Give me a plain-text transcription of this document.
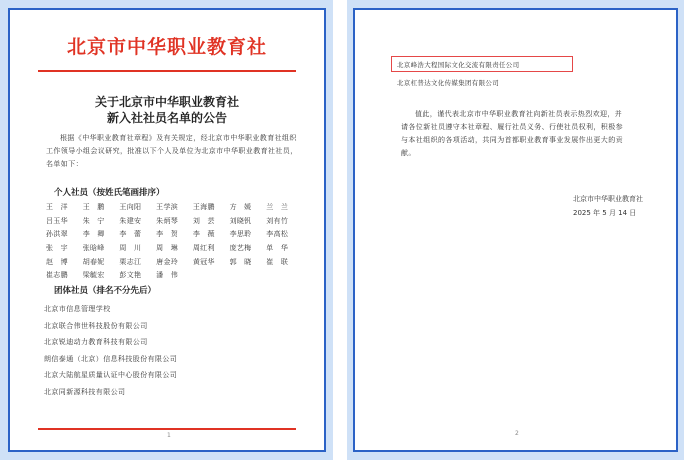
北京市中华职业教育社
关于北京市中华职业教育社
新入社社员名单的公告
根据《中华职业教育社章程》及有关规定，经北京市中华职业教育社组织工作领导小组会议研究，批准以下个人及单位为北京市中华职业教育社社员，名单如下：
个人社员（按姓氏笔画排序）
王　洋	王　鹏	王向阳	王学滨	王海鹏	方　媛	兰　兰
吕玉华	朱　宁	朱建安	朱炳琴	刘　芸	刘晓钒	刘有竹
孙洪翠	李　卿	李　蕾	李　贺	李　薇	李思聆	李高松
张　宇	张晗峰	周　川	周　琳	周红利	庞艺梅	单　华
赵　博	胡春妮	栗志江	唐金玲	黄冠华	郭　晓	崔　联
崔志鹏	梁毓宏	彭文艳	潘　伟
团体社员（排名不分先后）
北京市信息管理学校
北京联合伟世科技股份有限公司
北京锐迪动力教育科技有限公司
朗信泰通（北京）信息科技股份有限公司
北京大陆航星质量认证中心股份有限公司
北京同新源科技有限公司
1
北京峰浩大程国际文化交流有限责任公司
北京杠普达文化传媒集团有限公司
值此，谨代表北京市中华职业教育社向新社员表示热烈欢迎，并请各位新社员遵守本社章程、履行社员义务、行使社员权利，积极参与本社组织的各项活动，共同为首都职业教育事业发展作出更大的贡献。
北京市中华职业教育社
2025 年 5 月 14 日
2
